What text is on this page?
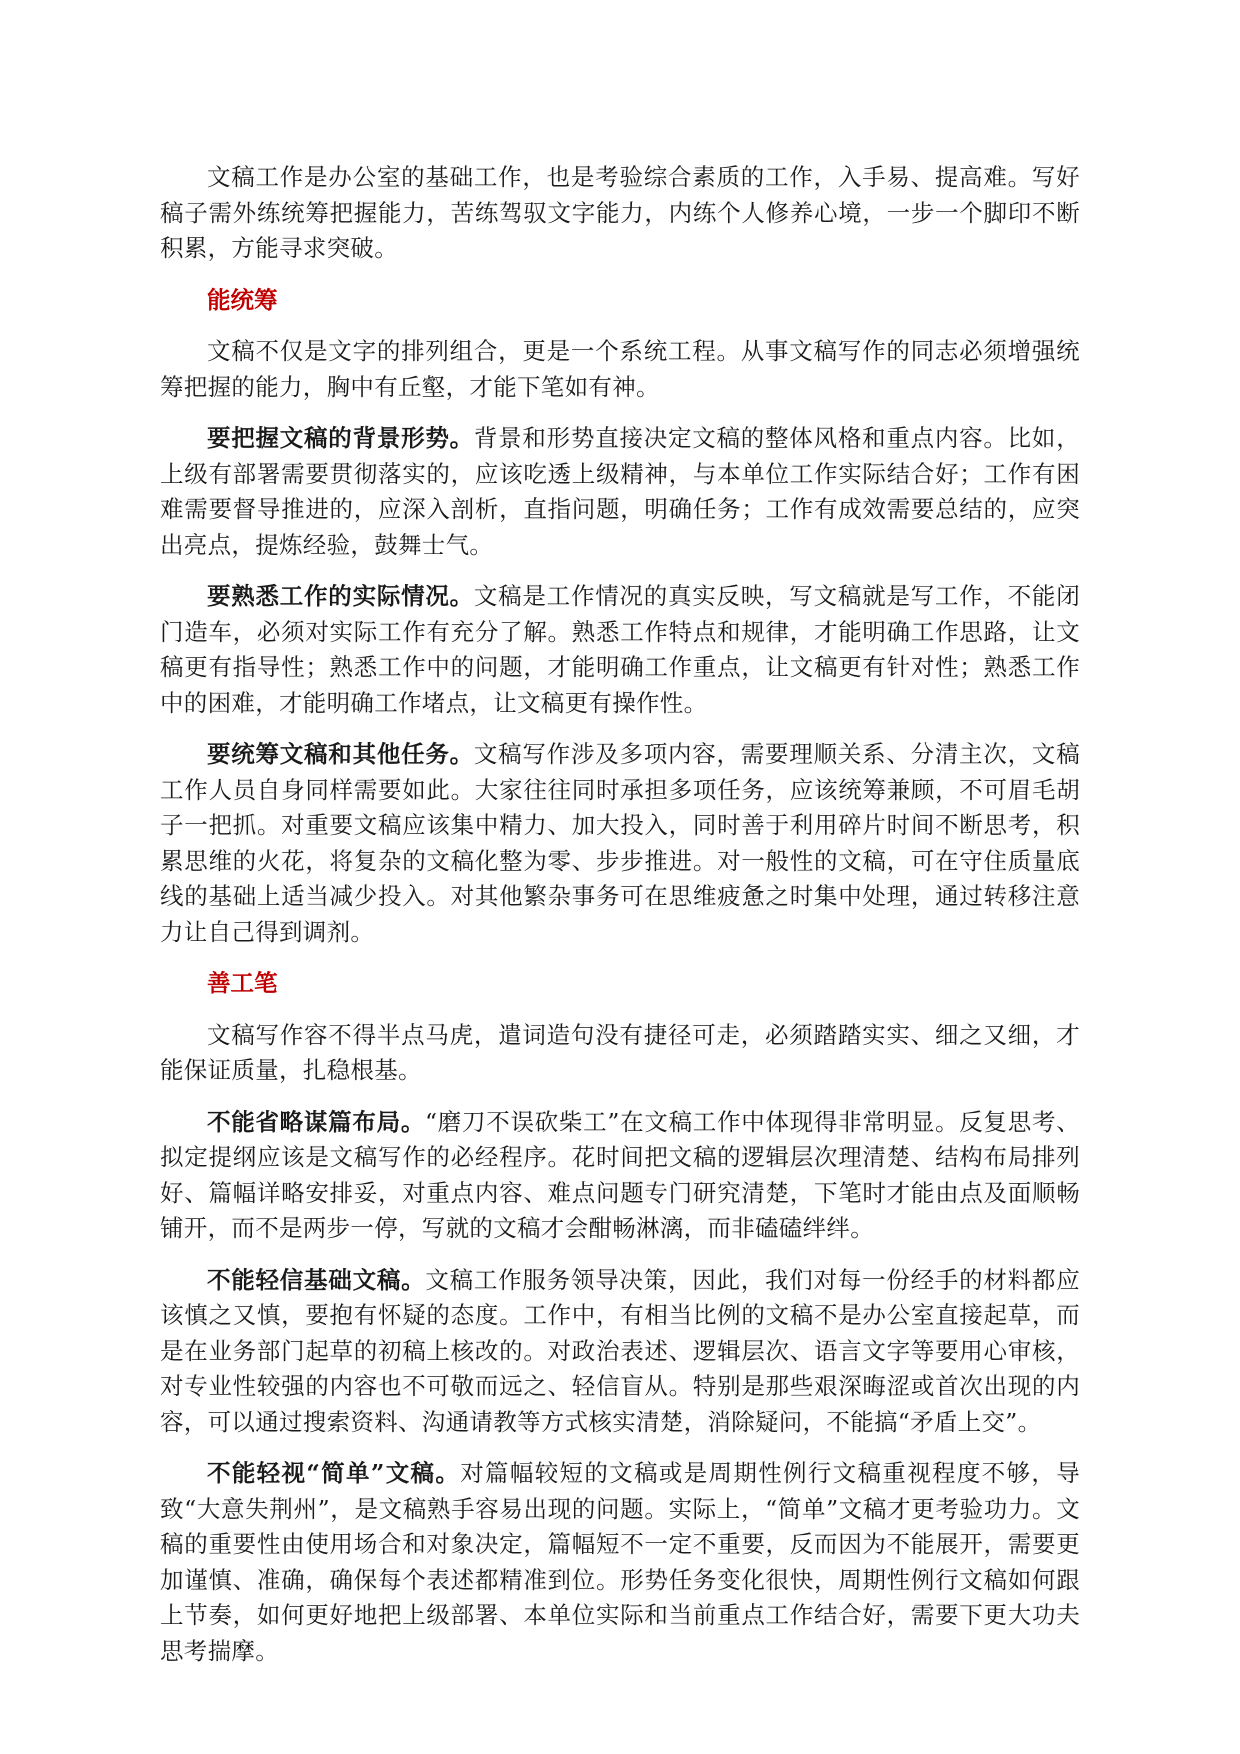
文稿工作是办公室的基础工作，也是考验综合素质的工作，入手易、提高难。写好稿子需外练统筹把握能力，苦练驾驭文字能力，内练个人修养心境，一步一个脚印不断积累，方能寻求突破。

能统筹

文稿不仅是文字的排列组合，更是一个系统工程。从事文稿写作的同志必须增强统筹把握的能力，胸中有丘壑，才能下笔如有神。

要把握文稿的背景形势。背景和形势直接决定文稿的整体风格和重点内容。比如，上级有部署需要贯彻落实的，应该吃透上级精神，与本单位工作实际结合好；工作有困难需要督导推进的，应深入剖析，直指问题，明确任务；工作有成效需要总结的，应突出亮点，提炼经验，鼓舞士气。

要熟悉工作的实际情况。文稿是工作情况的真实反映，写文稿就是写工作，不能闭门造车，必须对实际工作有充分了解。熟悉工作特点和规律，才能明确工作思路，让文稿更有指导性；熟悉工作中的问题，才能明确工作重点，让文稿更有针对性；熟悉工作中的困难，才能明确工作堵点，让文稿更有操作性。

要统筹文稿和其他任务。文稿写作涉及多项内容，需要理顺关系、分清主次，文稿工作人员自身同样需要如此。大家往往同时承担多项任务，应该统筹兼顾，不可眉毛胡子一把抓。对重要文稿应该集中精力、加大投入，同时善于利用碎片时间不断思考，积累思维的火花，将复杂的文稿化整为零、步步推进。对一般性的文稿，可在守住质量底线的基础上适当减少投入。对其他繁杂事务可在思维疲惫之时集中处理，通过转移注意力让自己得到调剂。

善工笔

文稿写作容不得半点马虎，遣词造句没有捷径可走，必须踏踏实实、细之又细，才能保证质量，扎稳根基。

不能省略谋篇布局。“磨刀不误砍柴工”在文稿工作中体现得非常明显。反复思考、拟定提纲应该是文稿写作的必经程序。花时间把文稿的逻辑层次理清楚、结构布局排列好、篇幅详略安排妥，对重点内容、难点问题专门研究清楚，下笔时才能由点及面顺畅铺开，而不是两步一停，写就的文稿才会酣畅淋漓，而非磕磕绊绊。

不能轻信基础文稿。文稿工作服务领导决策，因此，我们对每一份经手的材料都应该慎之又慎，要抱有怀疑的态度。工作中，有相当比例的文稿不是办公室直接起草，而是在业务部门起草的初稿上核改的。对政治表述、逻辑层次、语言文字等要用心审核，对专业性较强的内容也不可敬而远之、轻信盲从。特别是那些艰深晦涩或首次出现的内容，可以通过搜索资料、沟通请教等方式核实清楚，消除疑问，不能搞“矛盾上交”。

不能轻视“简单”文稿。对篇幅较短的文稿或是周期性例行文稿重视程度不够，导致“大意失荆州”，是文稿熟手容易出现的问题。实际上，“简单”文稿才更考验功力。文稿的重要性由使用场合和对象决定，篇幅短不一定不重要，反而因为不能展开，需要更加谨慎、准确，确保每个表述都精准到位。形势任务变化很快，周期性例行文稿如何跟上节奏，如何更好地把上级部署、本单位实际和当前重点工作结合好，需要下更大功夫思考揣摩。
